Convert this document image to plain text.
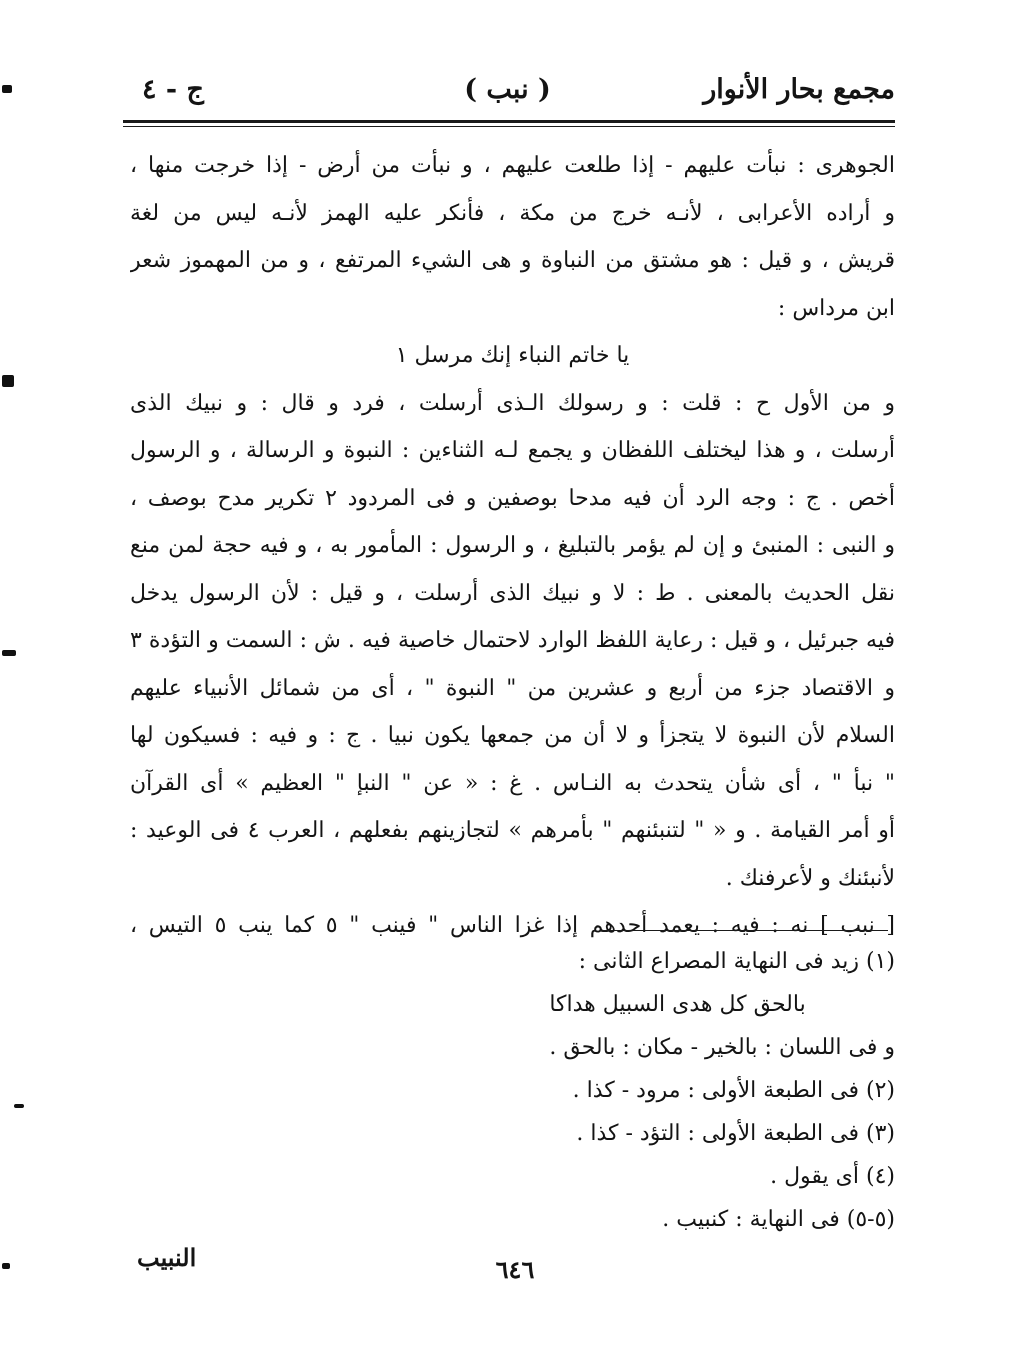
مجمع بحار الأنوار
( نبب )
ج - ٤
الجوهرى : نبأت عليهم - إذا طلعت عليهم ، و نبأت من أرض - إذا خرجت منها ،
و أراده الأعرابى ، لأنـه خرج من مكة ، فأنكر عليه الهمز لأنـه ليس من لغة
قريش ، و قيل : هو مشتق من النباوة و هى الشيء المرتفع ، و من المهموز شعر
ابن مرداس :
يا خاتم النباء إنك مرسل ١
و من الأول ح : قلت : و رسولك الـذى أرسلت ، فرد و قال : و نبيك الذى
أرسلت ، و هذا ليختلف اللفظان و يجمع لـه الثناءين : النبوة و الرسالة ، و الرسول
أخص . ج : وجه الرد أن فيه مدحا بوصفين و فى المردود ٢ تكرير مدح بوصف ،
و النبى : المنبئ و إن لم يؤمر بالتبليغ ، و الرسول : المأمور به ، و فيه حجة لمن منع
نقل الحديث بالمعنى . ط : لا و نبيك الذى أرسلت ، و قيل : لأن الرسول يدخل
فيه جبرئيل ، و قيل : رعاية اللفظ الوارد لاحتمال خاصية فيه . ش : السمت و التؤدة ٣
و الاقتصاد جزء من أربع و عشرين من " النبوة " ، أى من شمائل الأنبياء عليهم
السلام لأن النبوة لا يتجزأ و لا أن من جمعها يكون نبيا . ج : و فيه : فسيكون لها
" نبأ " ، أى شأن يتحدث به النـاس . غ : « عن " النبإ " العظيم » أى القرآن
أو أمر القيامة . و « " لتنبئنهم " بأمرهم » لتجازينهم بفعلهم ، العرب ٤ فى الوعيد :
لأنبئنك و لأعرفنك .
[ نبب ] نه : فيه : يعمد أحدهم إذا غزا الناس " فينب " ٥ كما ينب ٥ التيس ،
(١) زيد فى النهاية المصراع الثانى :
بالحق كل هدى السبيل هداكا
و فى اللسان : بالخير - مكان : بالحق .
(٢) فى الطبعة الأولى : مرود - كذا .
(٣) فى الطبعة الأولى : التؤد - كذا .
(٤) أى يقول .
(٥-٥) فى النهاية : كنبيب .
النبيب	٦٤٦
